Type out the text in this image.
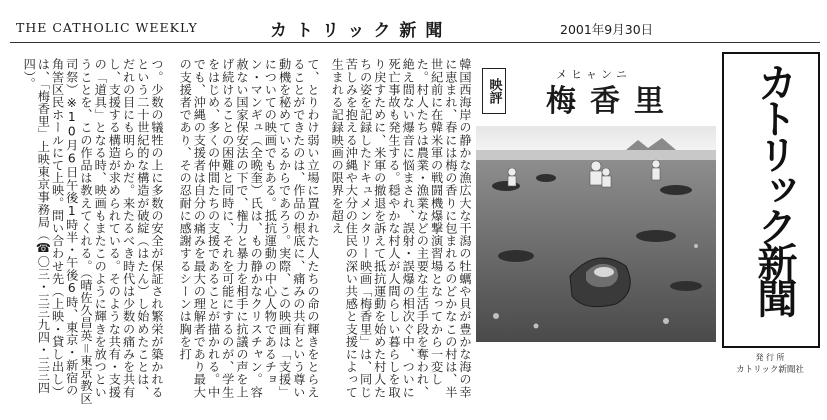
THE CATHOLIC WEEKLY	カトリック新聞	2001年9月30日
つ。少数の犠牲の上に多数の安全が保証され繁栄が築かれるという二十世紀的な構造が破綻（はたん）し始めたことは、だれの目にも明らかだ。来たるべき時代は少数の痛みを共有し、支援する構造が求められている。そのような共有・支援の「道具」となる時、映画もまたこのように輝きを放つということを、この作品は教えてくれる。（晴佐久昌英＝東京教区司祭）※10月6日午後1時半・午後6時、東京・新宿の角筈区民ホールにて上映。問い合わせ先（上映・貸し出し）は、「梅香里」上映東京事務局（☎〇三・三三九四・三三四四）。	て、とりわけ弱い立場に置かれた人たちの命の輝きをとらえることができたのは、作品の根底に、痛みの共有という尊い動機を秘めているからであろう。実際、この映画は「支援」についての映画でもある。抵抗運動の中心人物であるチョン・マンギュ（全晩奎）氏は、もの静かなクリスチャン。容赦ない国家保安法の下で、権力と暴力を相手に抗議の声を上げ続けることの困難と同時に、それを可能にするのが、学生をはじめ、多くの仲間たちの支援であることが描かれる。中でも、沖縄の支援者は自分の痛みを最大の理解者であり最大の支援者であり、その忍耐に感謝するシーンは胸を打	韓国西海岸の静かな漁広大な干潟の牡蠣や貝が豊かな海の幸に恵まれ、春には梅の香りに包まれるのどかなこの村は、半世紀前に在韓米軍の戦闘機爆撃演習場となってから一変した。村人たちは農業・漁業などの主要な生活手段を奪われ、絶え間ない爆音に悩まされ、誤射・誤爆の相次ぐ中、ついに死亡事故も発生する。穏やかな村人が人間らしい暮らしを取り戻すために、米軍の撤退を訴えて抵抗運動を始めた村人たちの姿を記録したドキュメンタリー映画「梅香里」は、同じ苦しみを抱える沖縄や大分の住民の深い共感と支援によって生まれる記録映画の限界を超え	映評
メヒャンニ
梅香里	カトリック新聞
発 行 所
カトリック新聞社
